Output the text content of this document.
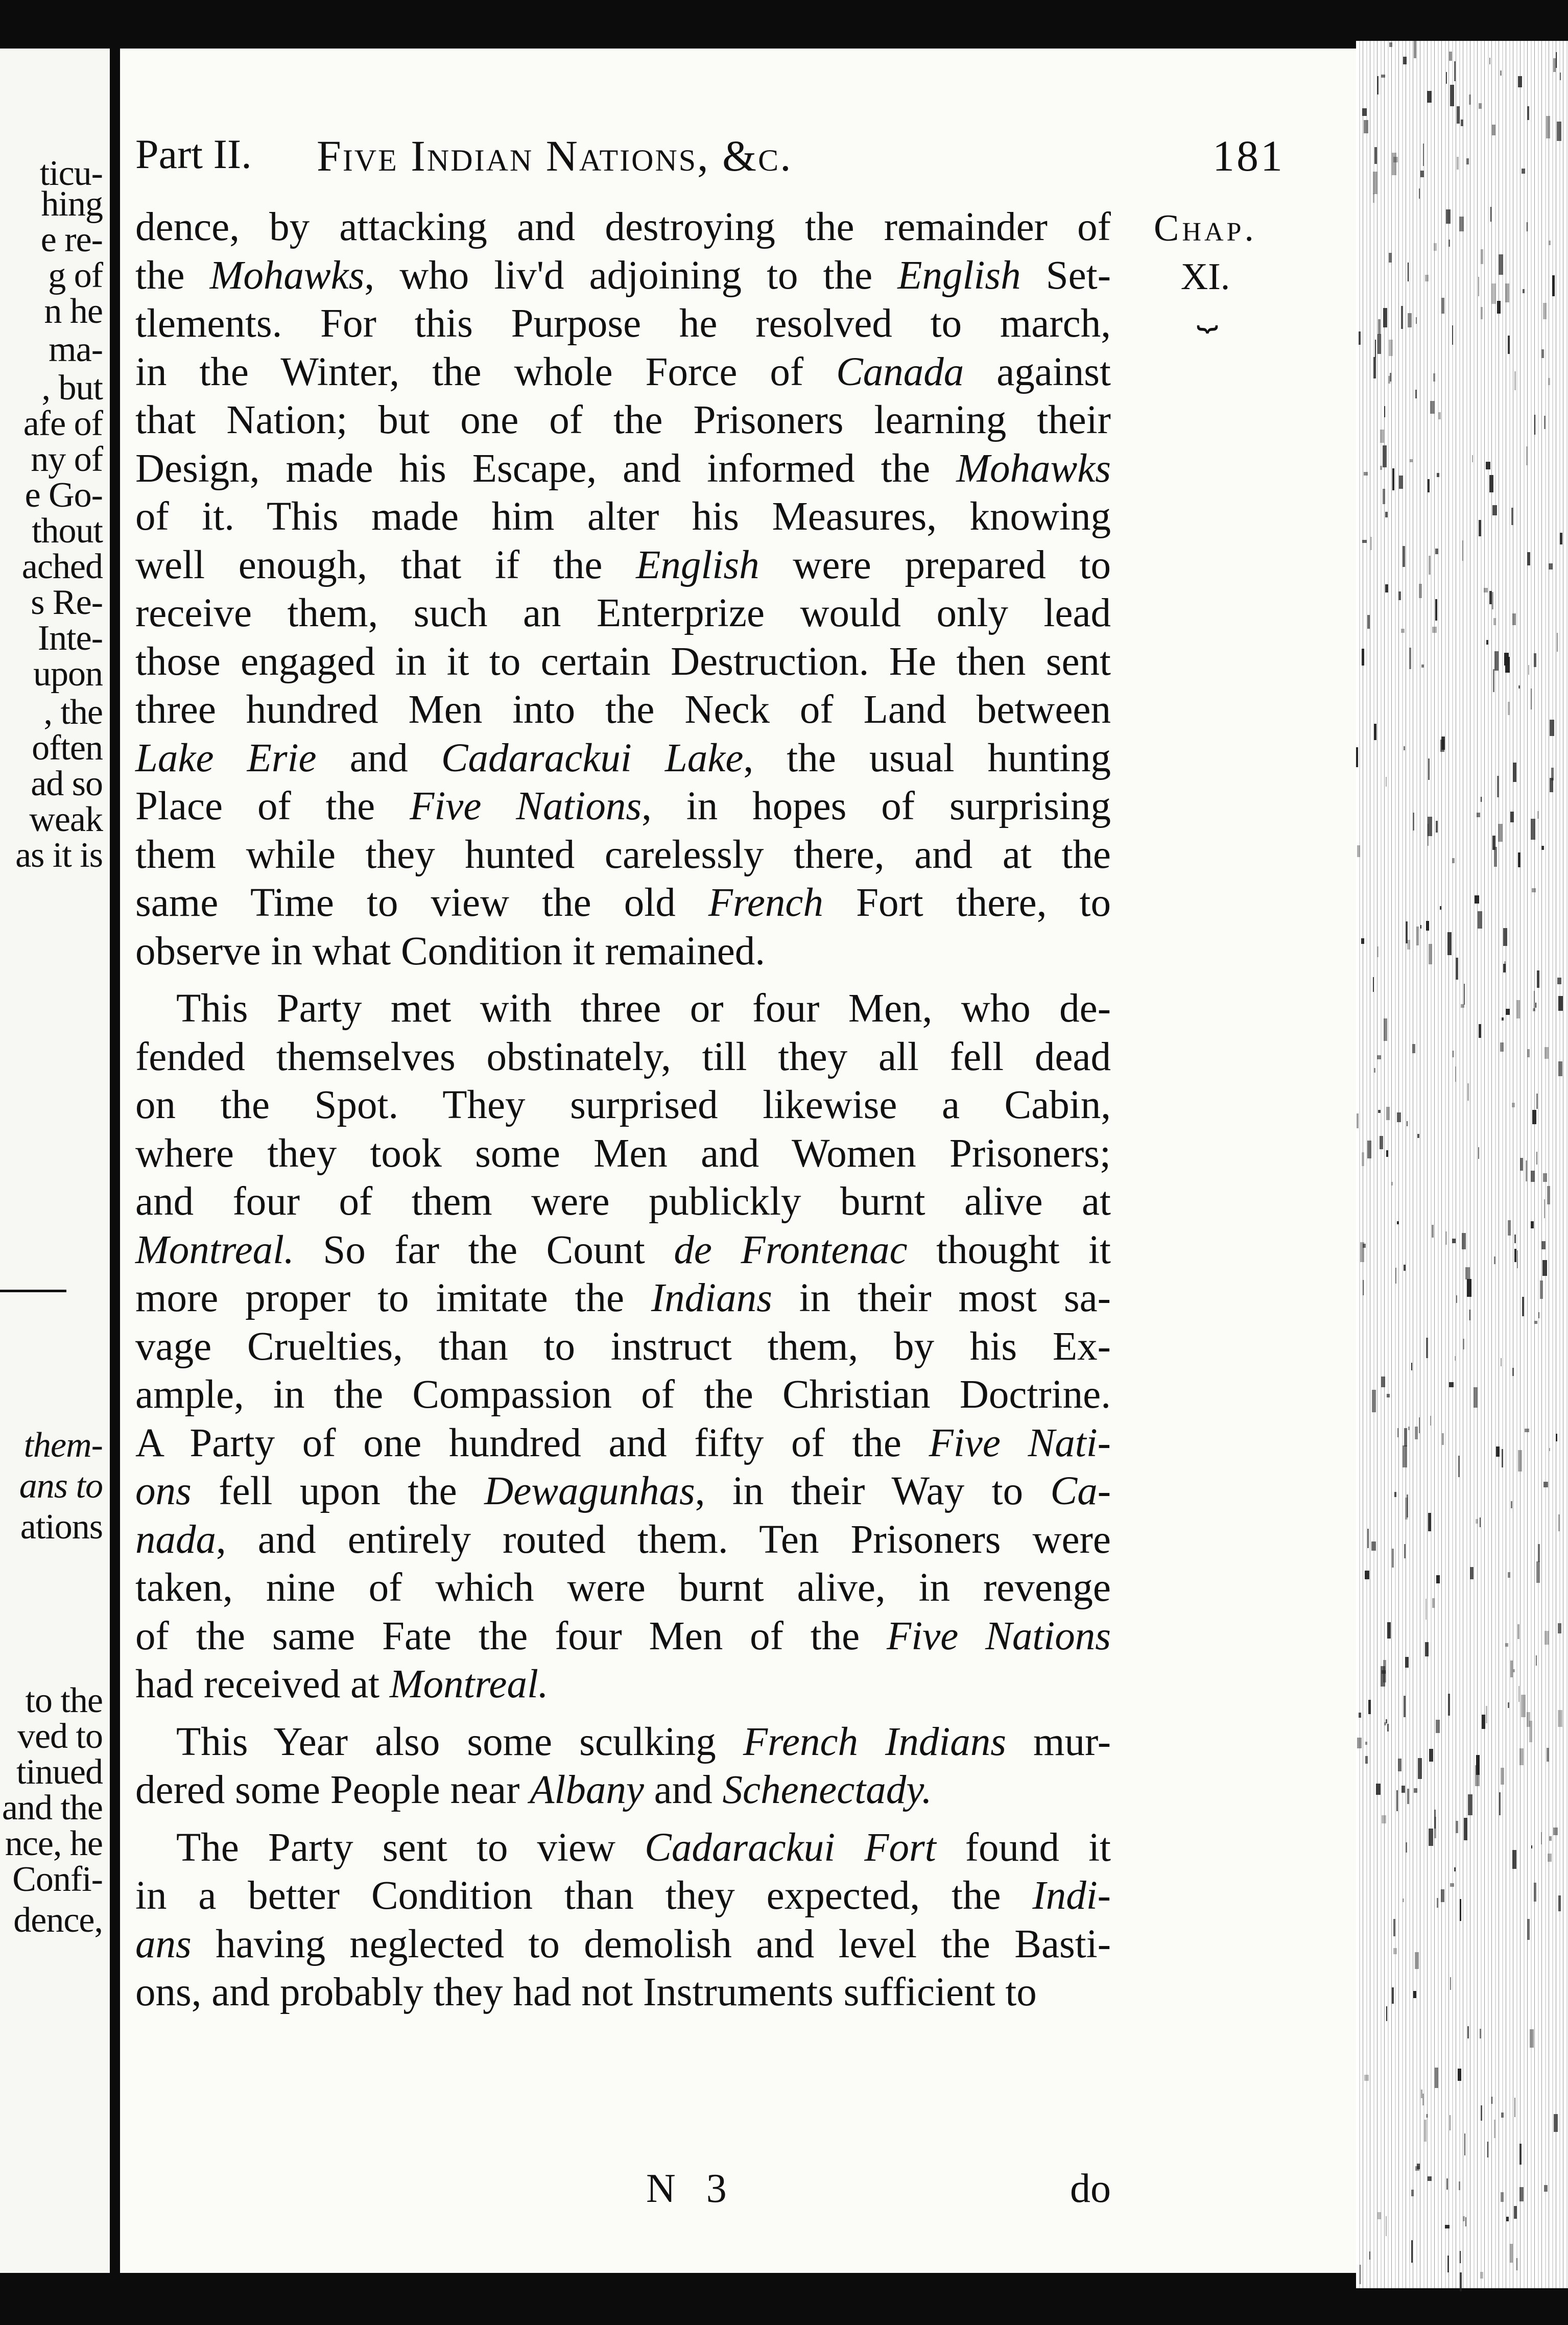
ticu-
hing
e re-
g of
n he
ma-
, but
afe of
ny of
e Go-
thout
ached
s Re-
Inte-
upon
, the
often
ad so
weak
as it is
them-
ans to
ations
to the
ved to
tinued
and the
nce, he
Confi-
dence,
Part II. Five Indian Nations, &c.	181
Chap.
XI.
⏟
dence, by attacking and destroying the remainder of
the Mohawks, who liv'd adjoining to the English Set-
tlements. For this Purpose he resolved to march,
in the Winter, the whole Force of Canada against
that Nation; but one of the Prisoners learning their
Design, made his Escape, and informed the Mohawks
of it. This made him alter his Measures, knowing
well enough, that if the English were prepared to
receive them, such an Enterprize would only lead
those engaged in it to certain Destruction. He then sent
three hundred Men into the Neck of Land between
Lake Erie and Cadarackui Lake, the usual hunting
Place of the Five Nations, in hopes of surprising
them while they hunted carelessly there, and at the
same Time to view the old French Fort there, to
observe in what Condition it remained.
This Party met with three or four Men, who de-
fended themselves obstinately, till they all fell dead
on the Spot. They surprised likewise a Cabin,
where they took some Men and Women Prisoners;
and four of them were publickly burnt alive at
Montreal. So far the Count de Frontenac thought it
more proper to imitate the Indians in their most sa-
vage Cruelties, than to instruct them, by his Ex-
ample, in the Compassion of the Christian Doctrine.
A Party of one hundred and fifty of the Five Nati-
ons fell upon the Dewagunhas, in their Way to Ca-
nada, and entirely routed them. Ten Prisoners were
taken, nine of which were burnt alive, in revenge
of the same Fate the four Men of the Five Nations
had received at Montreal.
This Year also some sculking French Indians mur-
dered some People near Albany and Schenectady.
The Party sent to view Cadarackui Fort found it
in a better Condition than they expected, the Indi-
ans having neglected to demolish and level the Basti-
ons, and probably they had not Instruments sufficient to
N 3	do
